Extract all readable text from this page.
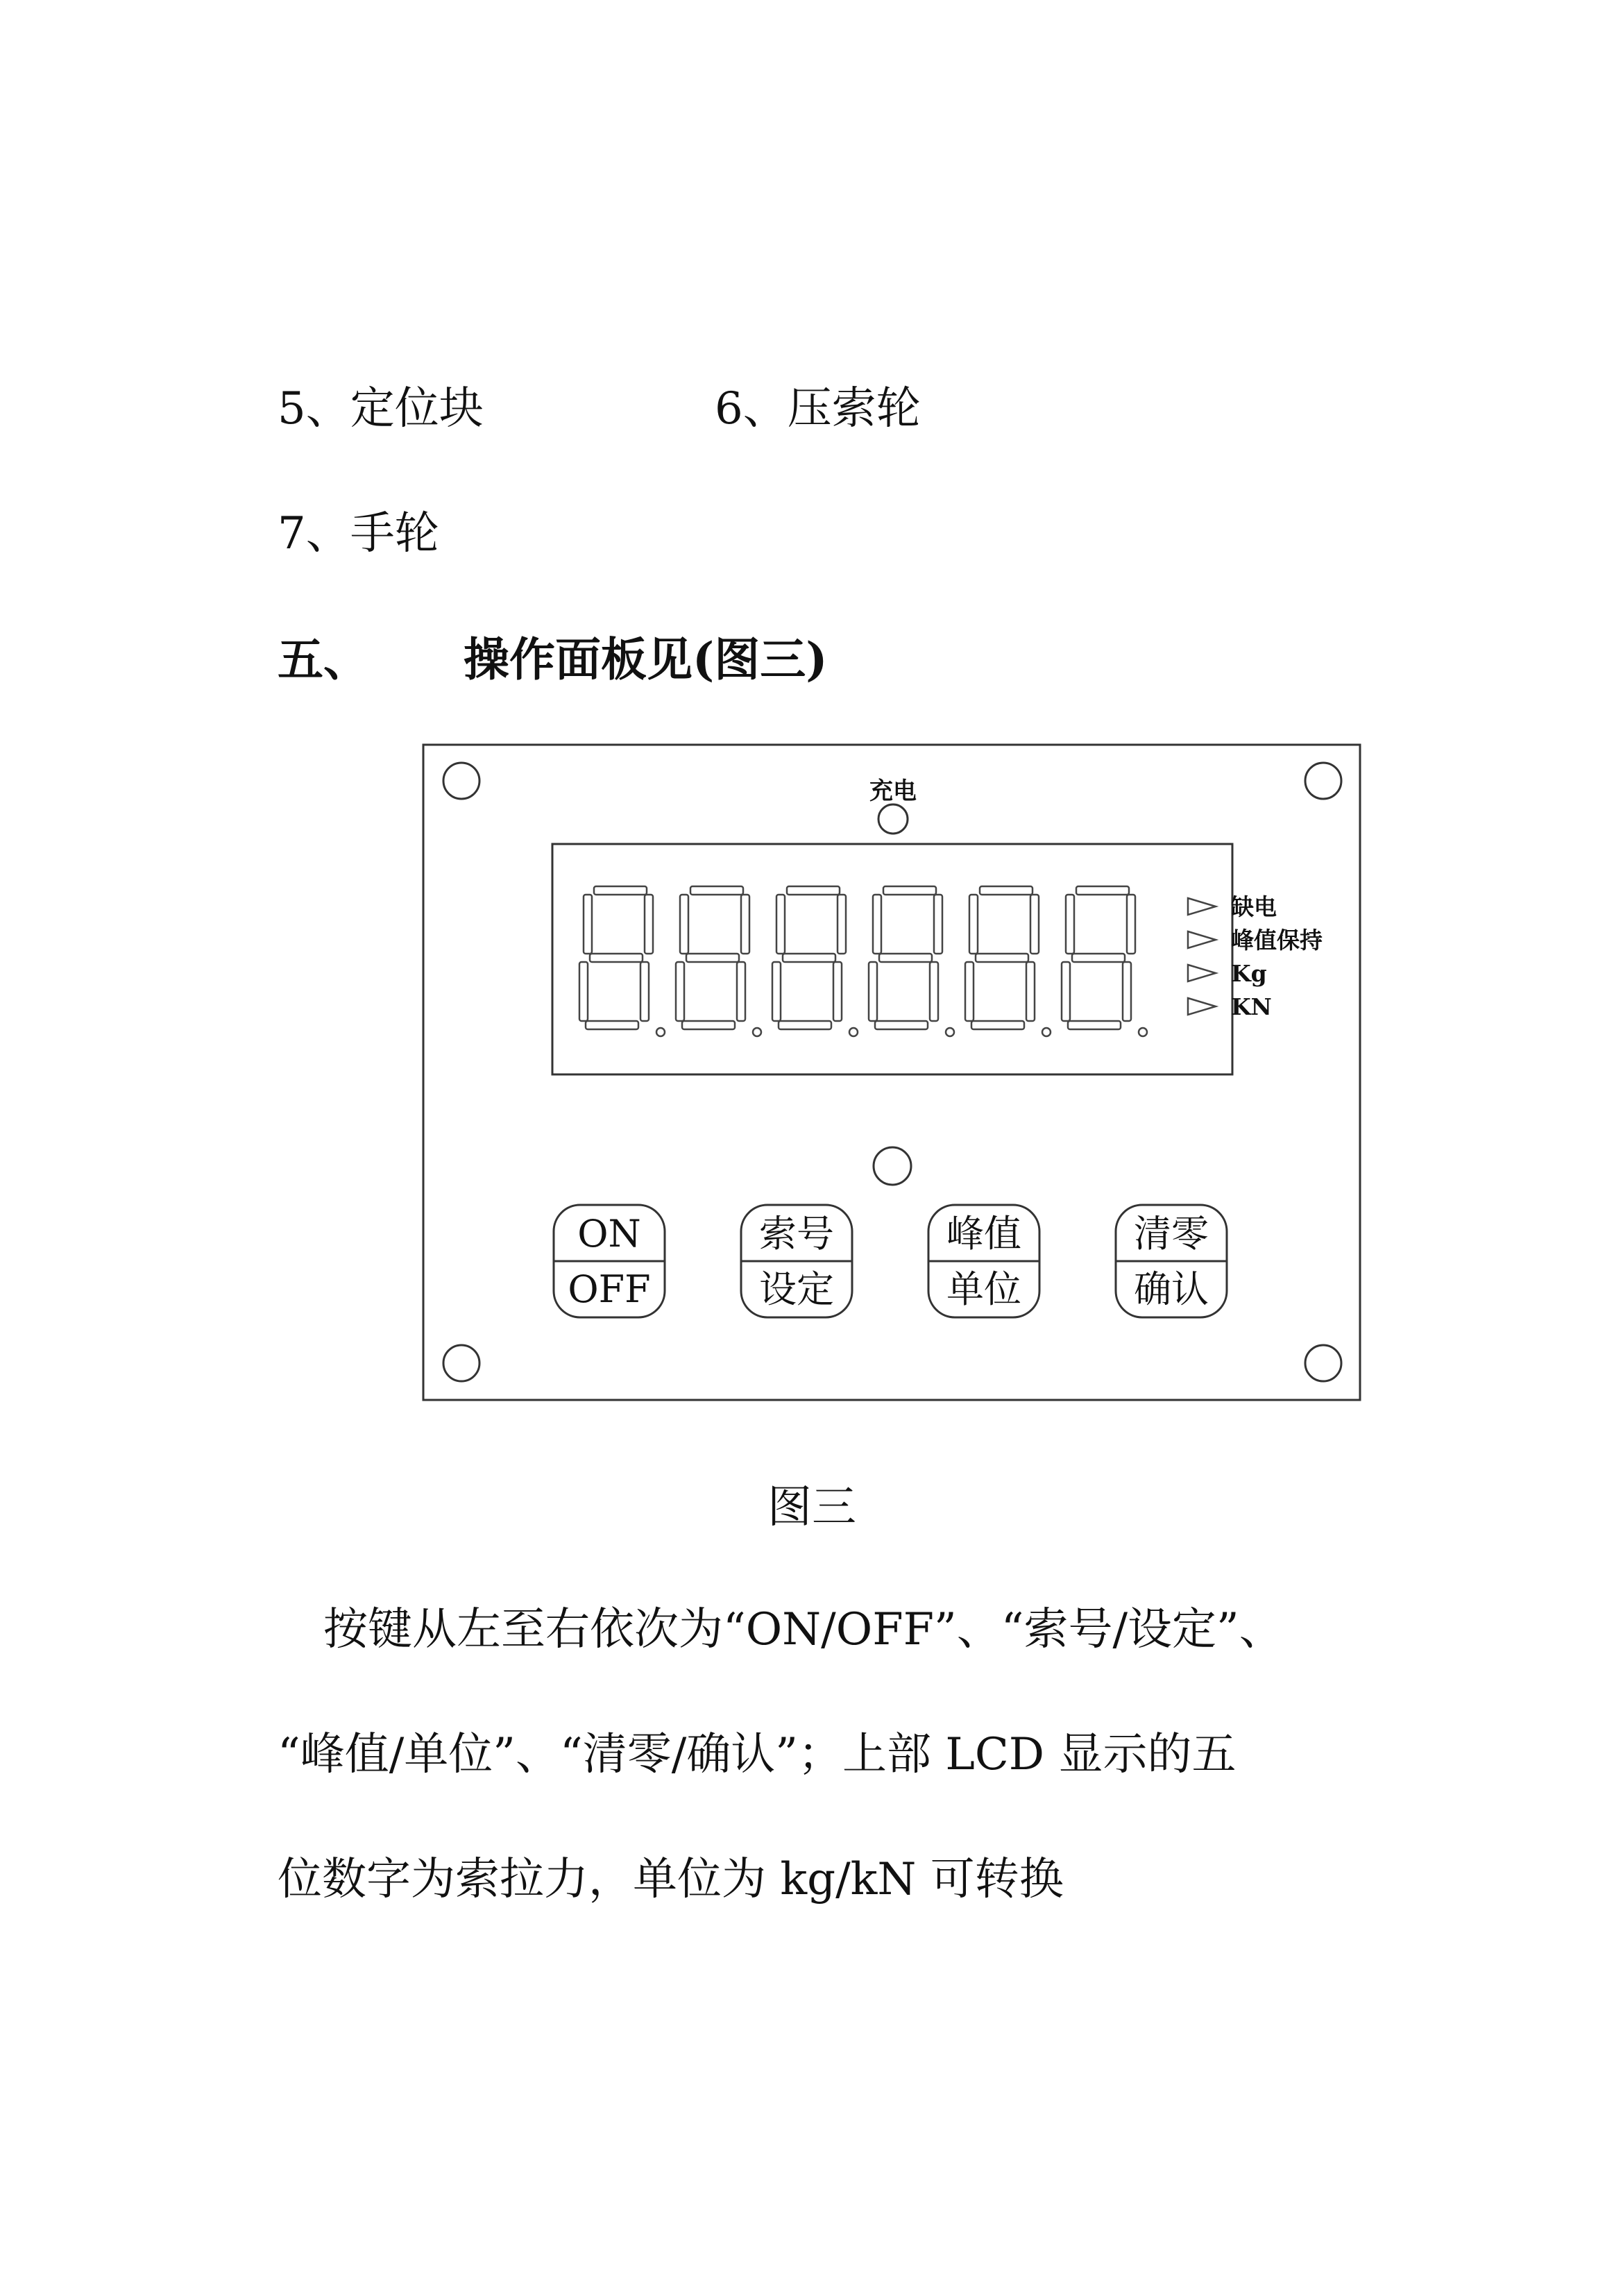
5、定位块	6、压索轮
7、手轮
五、 操作面板见(图三)
充电
缺电
峰值保持
Kg
KN
ON
OFF
索号
设定
峰值
单位
清零
确认
图三
按键从左至右依次为“ON/OFF”、“索号/设定”、
“峰值/单位”、“清零/确认”；上部 LCD 显示的五
位数字为索拉力，单位为 kg/kN 可转换
